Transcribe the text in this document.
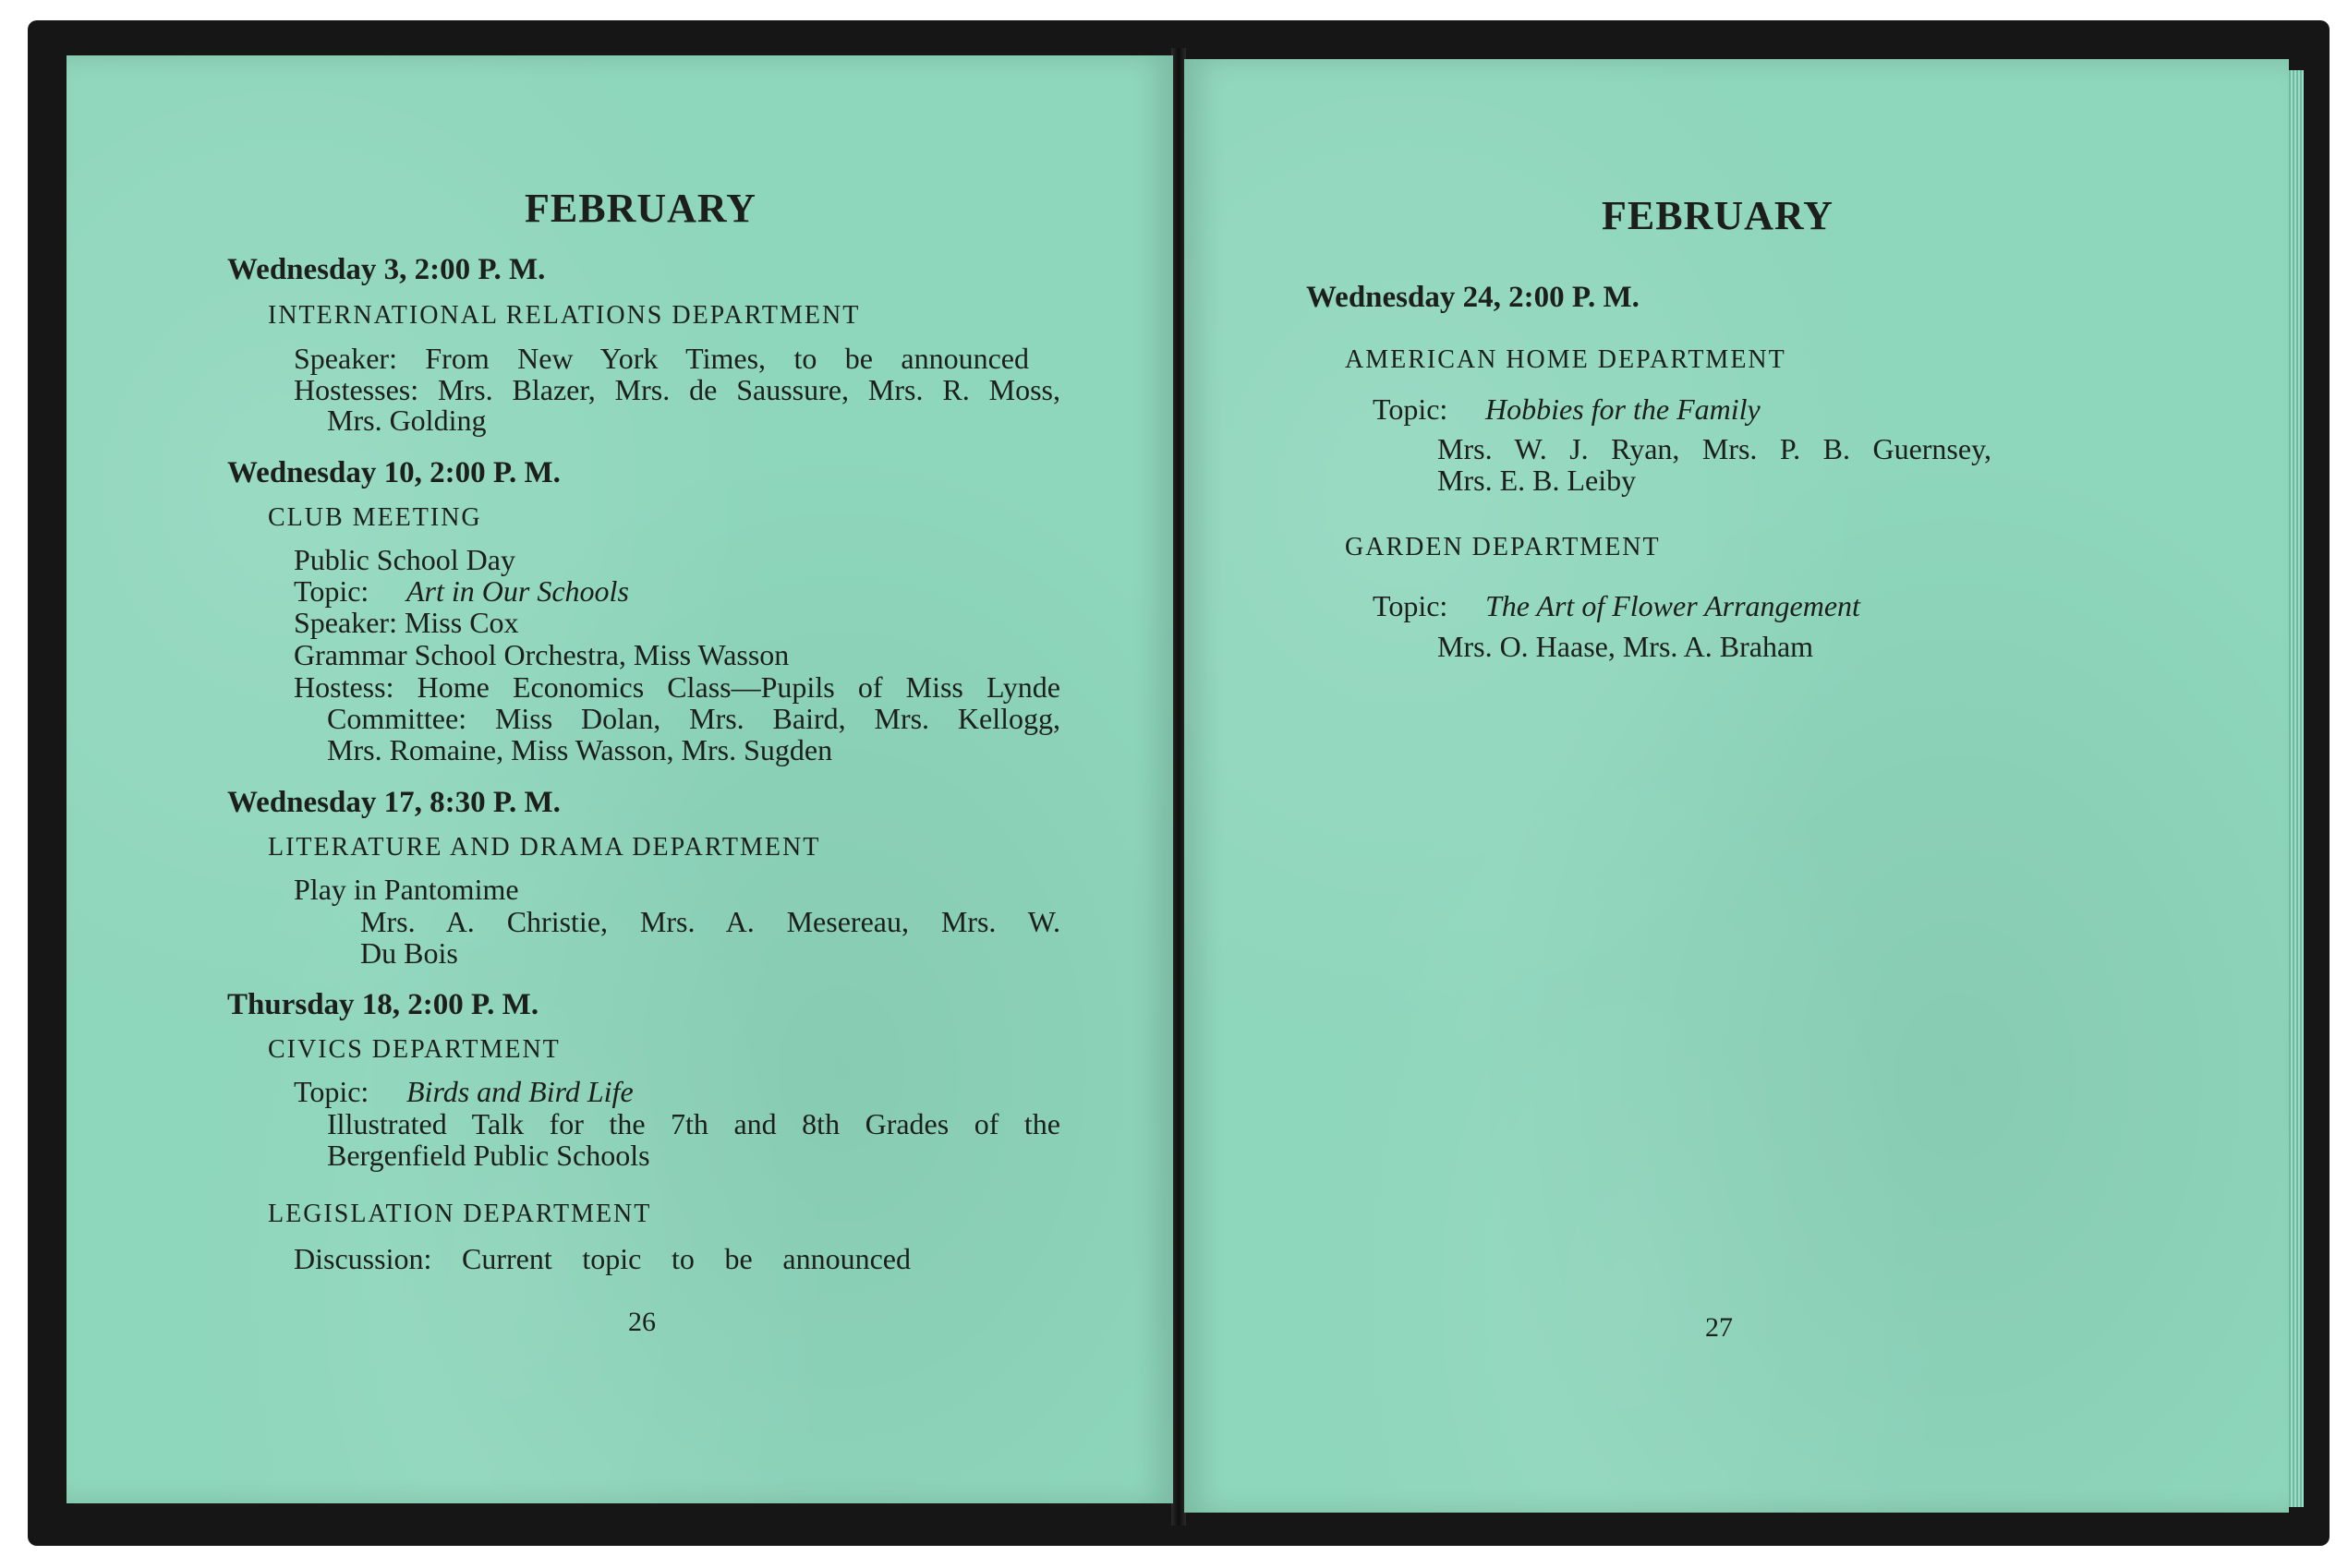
FEBRUARY
Wednesday 3, 2:00 P. M.
INTERNATIONAL RELATIONS DEPARTMENT
Speaker: From New York Times, to be announced
Hostesses: Mrs. Blazer, Mrs. de Saussure, Mrs. R. Moss,
Mrs. Golding
Wednesday 10, 2:00 P. M.
CLUB MEETING
Public School Day
Topic: Art in Our Schools
Speaker: Miss Cox
Grammar School Orchestra, Miss Wasson
Hostess: Home Economics Class—Pupils of Miss Lynde
Committee: Miss Dolan, Mrs. Baird, Mrs. Kellogg,
Mrs. Romaine, Miss Wasson, Mrs. Sugden
Wednesday 17, 8:30 P. M.
LITERATURE AND DRAMA DEPARTMENT
Play in Pantomime
Mrs. A. Christie, Mrs. A. Mesereau, Mrs. W.
Du Bois
Thursday 18, 2:00 P. M.
CIVICS DEPARTMENT
Topic: Birds and Bird Life
Illustrated Talk for the 7th and 8th Grades of the
Bergenfield Public Schools
LEGISLATION DEPARTMENT
Discussion: Current topic to be announced
26
FEBRUARY
Wednesday 24, 2:00 P. M.
AMERICAN HOME DEPARTMENT
Topic: Hobbies for the Family
Mrs. W. J. Ryan, Mrs. P. B. Guernsey,
Mrs. E. B. Leiby
GARDEN DEPARTMENT
Topic: The Art of Flower Arrangement
Mrs. O. Haase, Mrs. A. Braham
27
